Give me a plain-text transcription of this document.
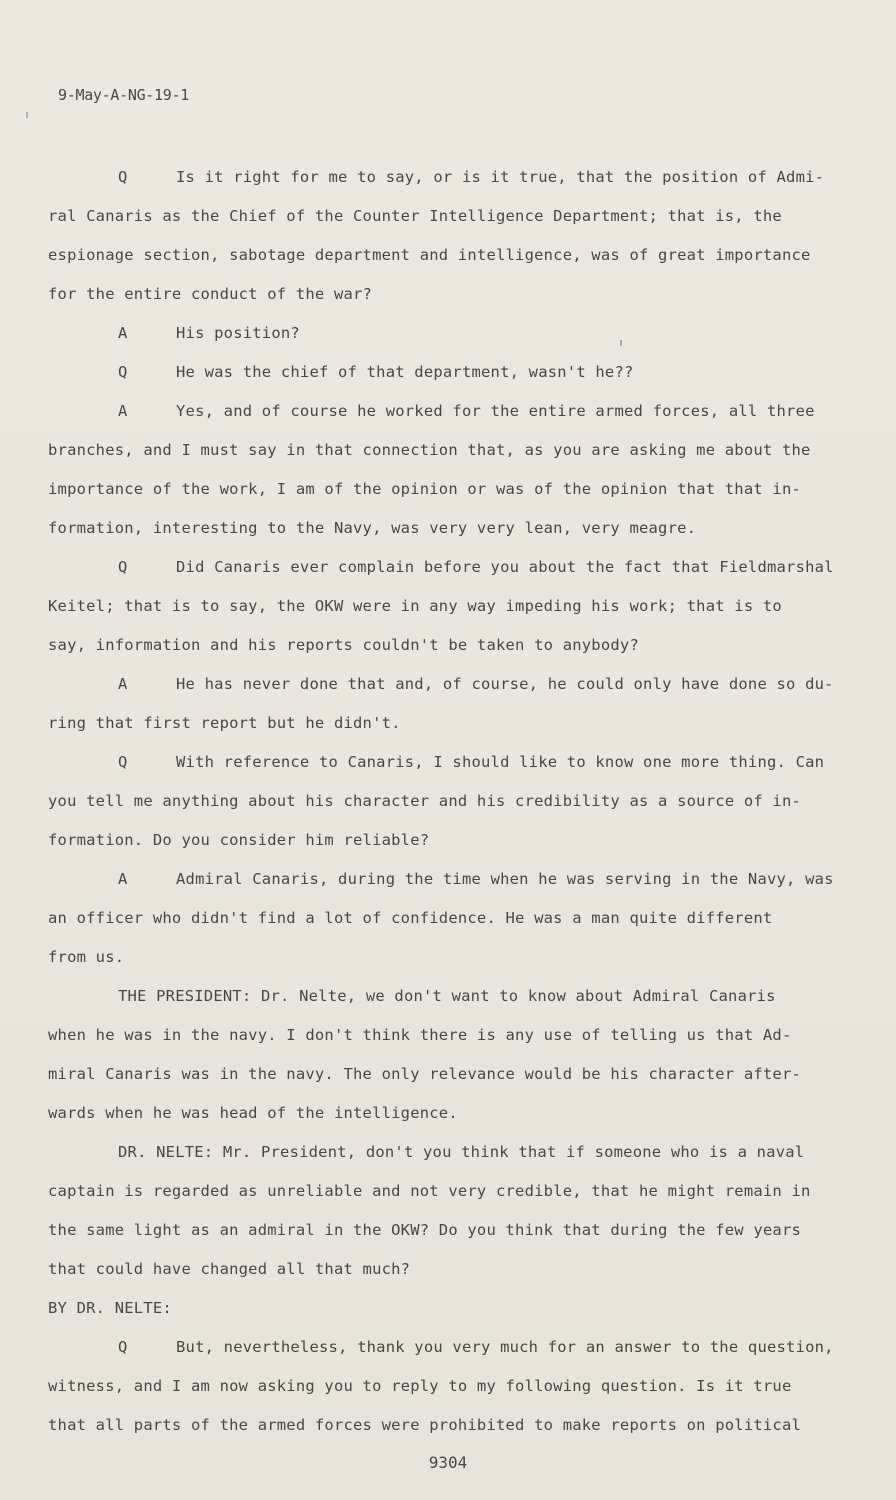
9-May-A-NG-19-1
Q	Is it right for me to say, or is it true, that the position of Admi-
ral Canaris as the Chief of the Counter Intelligence Department; that is, the
espionage section, sabotage department and intelligence, was of great importance
for the entire conduct of the war?
A	His position?
Q	He was the chief of that department, wasn't he??
A	Yes, and of course he worked for the entire armed forces, all three
branches, and I must say in that connection that, as you are asking me about the
importance of the work, I am of the opinion or was of the opinion that that in-
formation, interesting to the Navy, was very very lean, very meagre.
Q	Did Canaris ever complain before you about the fact that Fieldmarshal
Keitel; that is to say, the OKW were in any way impeding his work; that is to
say, information and his reports couldn't be taken to anybody?
A	He has never done that and, of course, he could only have done so du-
ring that first report but he didn't.
Q	With reference to Canaris, I should like to know one more thing. Can
you tell me anything about his character and his credibility as a source of in-
formation. Do you consider him reliable?
A	Admiral Canaris, during the time when he was serving in the Navy, was
an officer who didn't find a lot of confidence. He was a man quite different
from us.
THE PRESIDENT: Dr. Nelte, we don't want to know about Admiral Canaris
when he was in the navy. I don't think there is any use of telling us that Ad-
miral Canaris was in the navy. The only relevance would be his character after-
wards when he was head of the intelligence.
DR. NELTE: Mr. President, don't you think that if someone who is a naval
captain is regarded as unreliable and not very credible, that he might remain in
the same light as an admiral in the OKW? Do you think that during the few years
that could have changed all that much?
BY DR. NELTE:
Q	But, nevertheless, thank you very much for an answer to the question,
witness, and I am now asking you to reply to my following question. Is it true
that all parts of the armed forces were prohibited to make reports on political
9304
